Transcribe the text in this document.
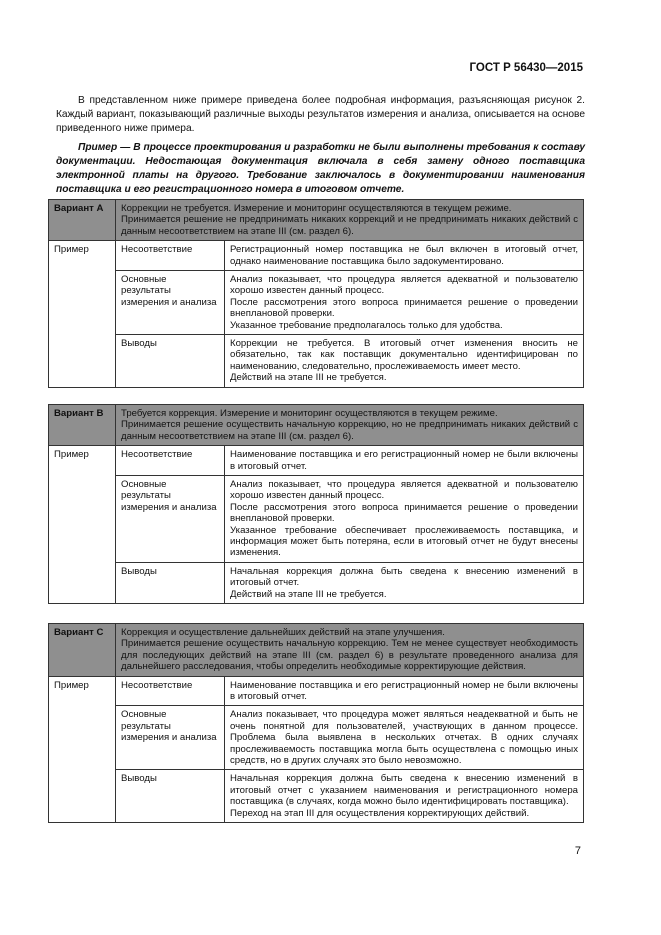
ГОСТ Р 56430—2015

В представленном ниже примере приведена более подробная информация, разъясняющая рисунок 2. Каждый вариант, показывающий различные выходы результатов измерения и анализа, описывается на основе приведенного ниже примера.

Пример — В процессе проектирования и разработки не были выполнены требования к составу документации. Недостающая документация включала в себя замену одного поставщика электронной платы на другого. Требование заключалось в документировании наименования поставщика и его регистрационного номера в итоговом отчете.

Вариант А	Коррекции не требуется. Измерение и мониторинг осуществляются в текущем режиме.
Принимается решение не предпринимать никаких коррекций и не предпринимать никаких действий с данным несоответствием на этапе III (см. раздел 6).	

Пример	Несоответствие	Регистрационный номер поставщика не был включен в итоговый отчет, однако наименование поставщика было задокументировано.

	Основные результаты измерения и анализа	Анализ показывает, что процедура является адекватной и пользователю хорошо известен данный процесс.
После рассмотрения этого вопроса принимается решение о проведении внеплановой проверки.
Указанное требование предполагалось только для удобства.

	Выводы	Коррекции не требуется. В итоговый отчет изменения вносить не обязательно, так как поставщик документально идентифицирован по наименованию, следовательно, прослеживаемость имеет место.
Действий на этапе III не требуется.
Вариант В	Требуется коррекция. Измерение и мониторинг осуществляются в текущем режиме.
Принимается решение осуществить начальную коррекцию, но не предпринимать никаких действий с данным несоответствием на этапе III (см. раздел 6).	

Пример	Несоответствие	Наименование поставщика и его регистрационный номер не были включены в итоговый отчет.

	Основные результаты измерения и анализа	Анализ показывает, что процедура является адекватной и пользователю хорошо известен данный процесс.
После рассмотрения этого вопроса принимается решение о проведении внеплановой проверки.
Указанное требование обеспечивает прослеживаемость поставщика, и информация может быть потеряна, если в итоговый отчет не будут внесены изменения.

	Выводы	Начальная коррекция должна быть сведена к внесению изменений в итоговый отчет.
Действий на этапе III не требуется.
Вариант С	Коррекция и осуществление дальнейших действий на этапе улучшения.
Принимается решение осуществить начальную коррекцию. Тем не менее существует необходимость для последующих действий на этапе III (см. раздел 6) в результате проведенного анализа для дальнейшего расследования, чтобы определить необходимые корректирующие действия.	

Пример	Несоответствие	Наименование поставщика и его регистрационный номер не были включены в итоговый отчет.

	Основные результаты измерения и анализа	Анализ показывает, что процедура может являться неадекватной и быть не очень понятной для пользователей, участвующих в данном процессе. Проблема была выявлена в нескольких отчетах. В одних случаях прослеживаемость поставщика могла быть осуществлена с помощью иных средств, но в других случаях это было невозможно.

	Выводы	Начальная коррекция должна быть сведена к внесению изменений в итоговый отчет с указанием наименования и регистрационного номера поставщика (в случаях, когда можно было идентифицировать поставщика).
Переход на этап III для осуществления корректирующих действий.
7
